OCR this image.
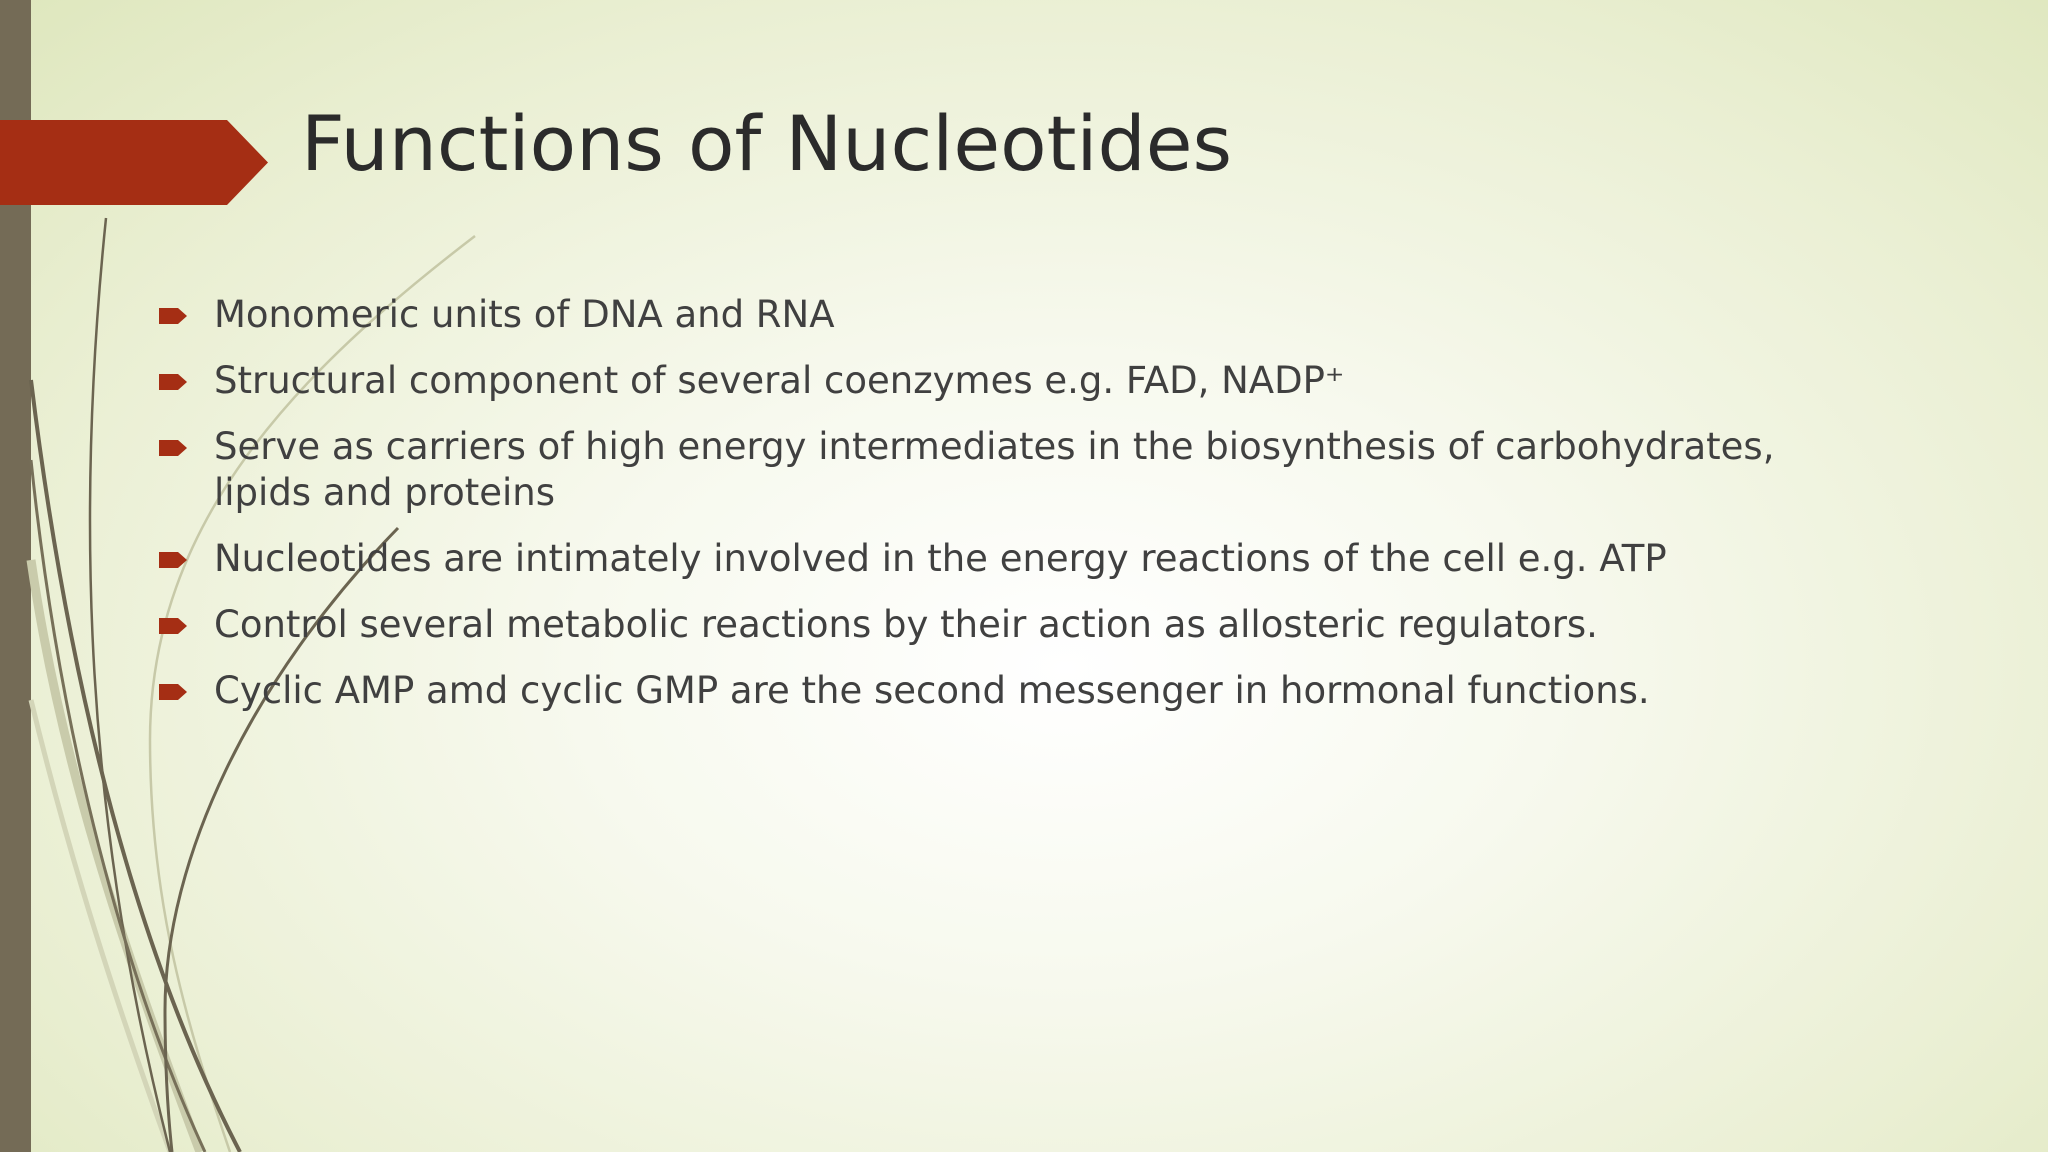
Functions of Nucleotides
Monomeric units of DNA and RNA
Structural component of several coenzymes e.g. FAD, NADP⁺
Serve as carriers of high energy intermediates in the biosynthesis of carbohydrates, lipids and proteins
Nucleotides are intimately involved in the energy reactions of the cell e.g. ATP
Control several metabolic reactions by their action as allosteric regulators.
Cyclic AMP amd cyclic GMP are the second messenger in hormonal functions.
